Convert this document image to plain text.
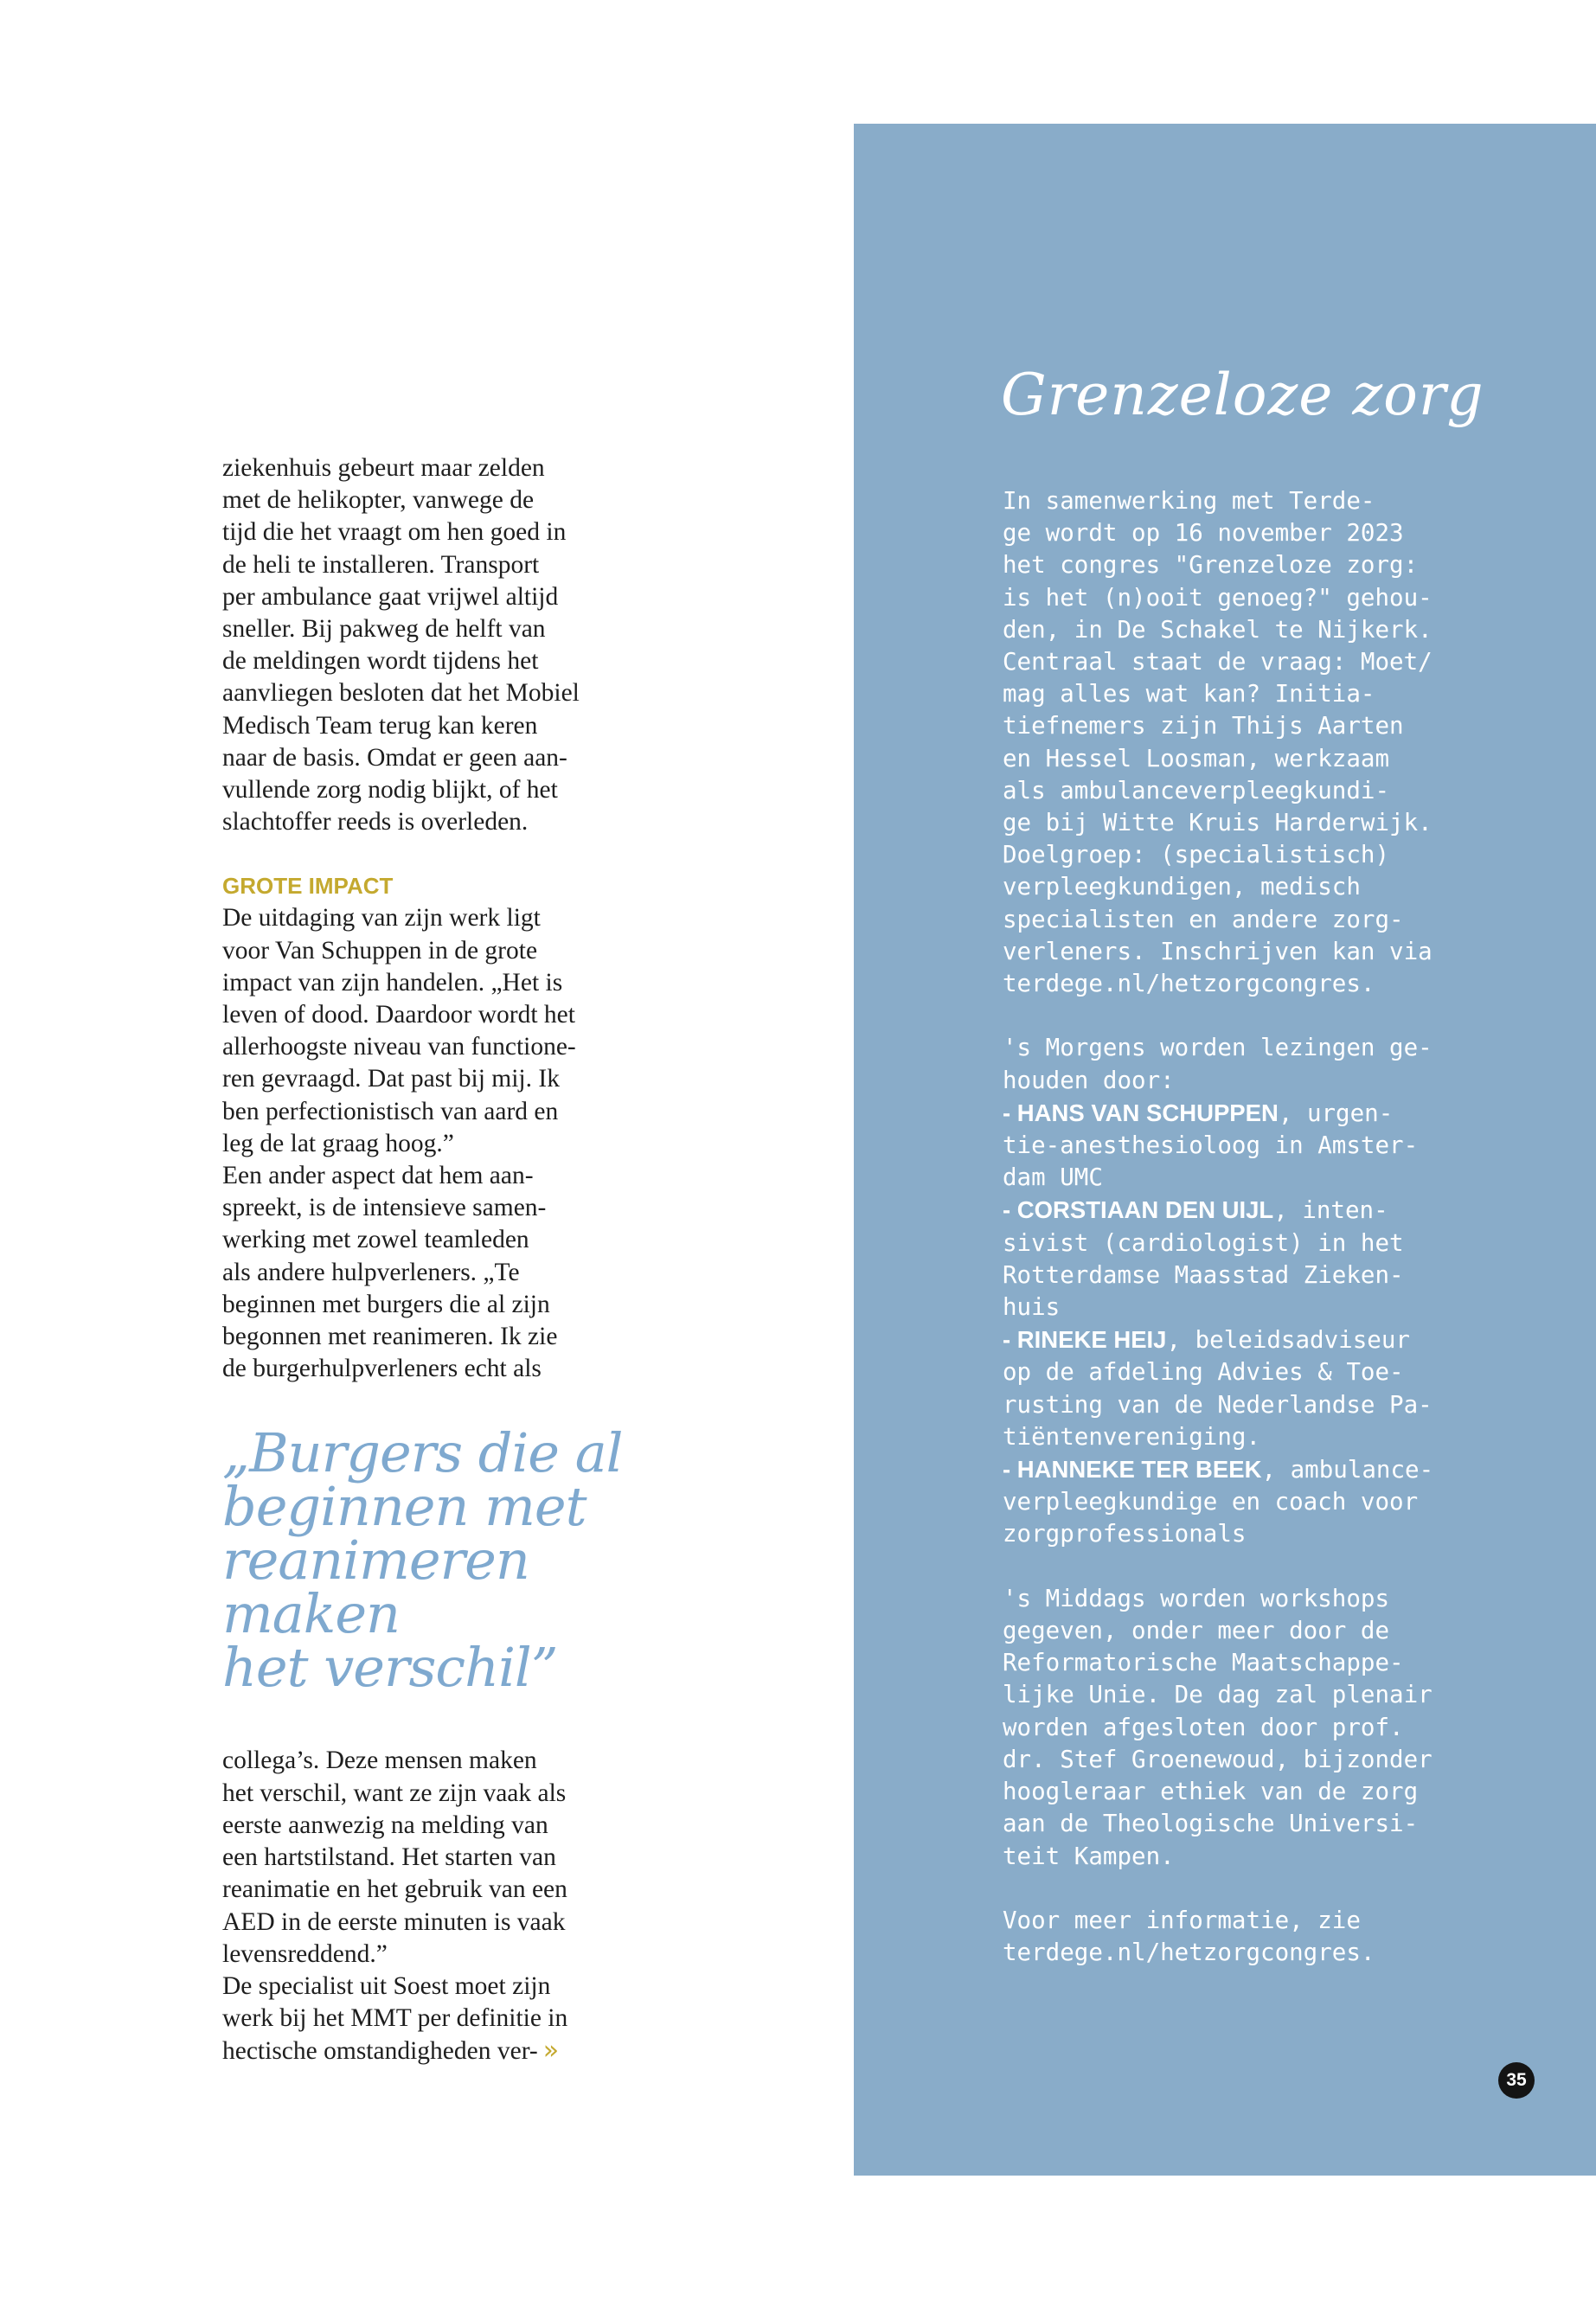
ziekenhuis gebeurt maar zelden
met de helikopter, vanwege de
tijd die het vraagt om hen goed in
de heli te installeren. Transport
per ambulance gaat vrijwel altijd
sneller. Bij pakweg de helft van
de meldingen wordt tijdens het
aanvliegen besloten dat het Mobiel
Medisch Team terug kan keren
naar de basis. Omdat er geen aan-
vullende zorg nodig blijkt, of het
slachtoffer reeds is overleden.

GROTE IMPACT

De uitdaging van zijn werk ligt
voor Van Schuppen in de grote
impact van zijn handelen. „Het is
leven of dood. Daardoor wordt het
allerhoogste niveau van functione-
ren gevraagd. Dat past bij mij. Ik
ben perfectionistisch van aard en
leg de lat graag hoog.”
Een ander aspect dat hem aan-
spreekt, is de intensieve samen-
werking met zowel teamleden
als andere hulpverleners. „Te
beginnen met burgers die al zijn
begonnen met reanimeren. Ik zie
de burgerhulpverleners echt als

„Burgers die al
beginnen met
reanimeren maken
het verschil”

collega’s. Deze mensen maken
het verschil, want ze zijn vaak als
eerste aanwezig na melding van
een hartstilstand. Het starten van
reanimatie en het gebruik van een
AED in de eerste minuten is vaak
levensreddend.”
De specialist uit Soest moet zijn
werk bij het MMT per definitie in
hectische omstandigheden ver- »

Grenzeloze zorg

In samenwerking met Terde-
ge wordt op 16 november 2023
het congres "Grenzeloze zorg:
is het (n)ooit genoeg?" gehou-
den, in De Schakel te Nijkerk.
Centraal staat de vraag: Moet/
mag alles wat kan? Initia-
tiefnemers zijn Thijs Aarten
en Hessel Loosman, werkzaam
als ambulanceverpleegkundi-
ge bij Witte Kruis Harderwijk.
Doelgroep: (specialistisch)
verpleegkundigen, medisch
specialisten en andere zorg-
verleners. Inschrijven kan via
terdege.nl/hetzorgcongres.

's Morgens worden lezingen ge-
houden door:
- HANS VAN SCHUPPEN, urgen-
tie-anesthesioloog in Amster-
dam UMC
- CORSTIAAN DEN UIJL, inten-
sivist (cardiologist) in het
Rotterdamse Maasstad Zieken-
huis
- RINEKE HEIJ, beleidsadviseur
op de afdeling Advies & Toe-
rusting van de Nederlandse Pa-
tiëntenvereniging.
- HANNEKE TER BEEK, ambulance-
verpleegkundige en coach voor
zorgprofessionals

's Middags worden workshops
gegeven, onder meer door de
Reformatorische Maatschappe-
lijke Unie. De dag zal plenair
worden afgesloten door prof.
dr. Stef Groenewoud, bijzonder
hoogleraar ethiek van de zorg
aan de Theologische Universi-
teit Kampen.

Voor meer informatie, zie
terdege.nl/hetzorgcongres.

35
